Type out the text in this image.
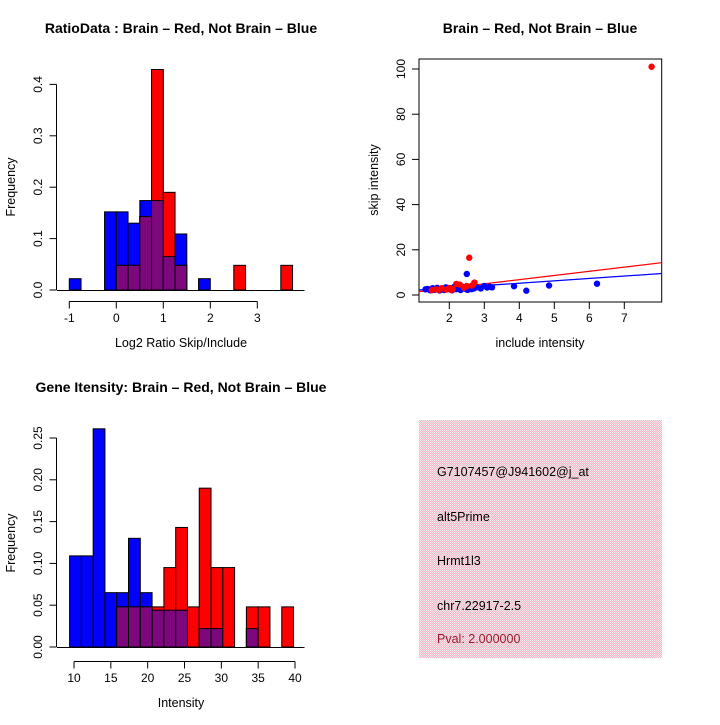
RatioData : Brain – Red, Not Brain – Blue
Log2 Ratio Skip/Include
Frequency
Brain – Red, Not Brain – Blue
include intensity
skip intensity
Gene Itensity: Brain – Red, Not Brain – Blue
Intensity
Frequency
-1	0	1	2	3
0.0
0.1
0.2
0.3
0.4
2 3 4 5 6 7
0
20
40
60
80
100
10 15 20 25 30 35 40
0.00
0.05
0.10
0.15
0.20
0.25
G7107457@J941602@j_at
alt5Prime
Hrmt1l3
chr7.22917-2.5
Pval: 2.000000
